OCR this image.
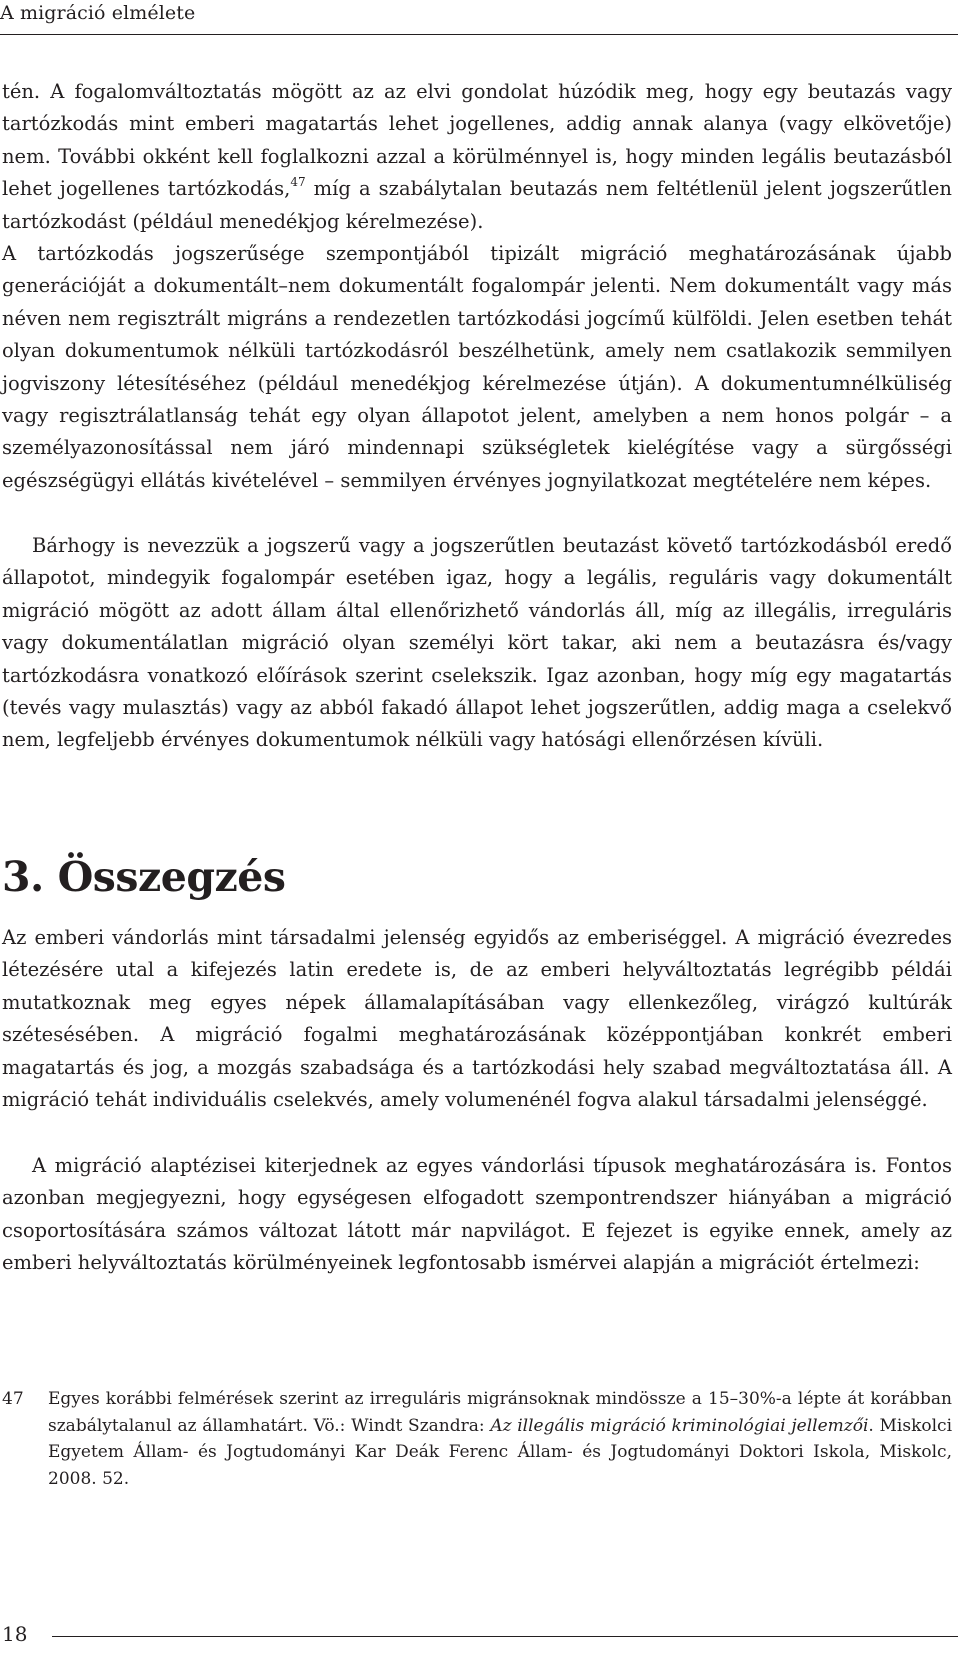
A migráció elmélete

tén. A fogalomváltoztatás mögött az az elvi gondolat húzódik meg, hogy egy beutazás vagy tartózkodás mint emberi magatartás lehet jogellenes, addig annak alanya (vagy elkövetője) nem. További okként kell foglalkozni azzal a körülménnyel is, hogy minden legális beutazásból lehet jogellenes tartózkodás,$^{47}$ míg a szabálytalan beutazás nem feltétlenül jelent jogszerűtlen tartózkodást (például menedékjog kérelmezése).

A tartózkodás jogszerűsége szempontjából tipizált migráció meghatározásának újabb generációját a dokumentált–nem dokumentált fogalompár jelenti. Nem dokumentált vagy más néven nem regisztrált migráns a rendezetlen tartózkodási jogcímű külföldi. Jelen esetben tehát olyan dokumentumok nélküli tartózkodásról beszélhetünk, amely nem csatlakozik semmilyen jogviszony létesítéséhez (például menedékjog kérelmezése útján). A dokumentumnélküliség vagy regisztrálatlanság tehát egy olyan állapotot jelent, amelyben a nem honos polgár – a személyazonosítással nem járó mindennapi szükségletek kielégítése vagy a sürgősségi egészségügyi ellátás kivételével – semmilyen érvényes jognyilatkozat megtételére nem képes.

Bárhogy is nevezzük a jogszerű vagy a jogszerűtlen beutazást követő tartózkodásból eredő állapotot, mindegyik fogalompár esetében igaz, hogy a legális, reguláris vagy dokumentált migráció mögött az adott állam által ellenőrizhető vándorlás áll, míg az illegális, irreguláris vagy dokumentálatlan migráció olyan személyi kört takar, aki nem a beutazásra és/vagy tartózkodásra vonatkozó előírások szerint cselekszik. Igaz azonban, hogy míg egy magatartás (tevés vagy mulasztás) vagy az abból fakadó állapot lehet jogszerűtlen, addig maga a cselekvő nem, legfeljebb érvényes dokumentumok nélküli vagy hatósági ellenőrzésen kívüli.

3. Összegzés

Az emberi vándorlás mint társadalmi jelenség egyidős az emberiséggel. A migráció évezredes létezésére utal a kifejezés latin eredete is, de az emberi helyváltoztatás legrégibb példái mutatkoznak meg egyes népek államalapításában vagy ellenkezőleg, virágzó kultúrák szétesésében. A migráció fogalmi meghatározásának középpontjában konkrét emberi magatartás és jog, a mozgás szabadsága és a tartózkodási hely szabad megváltoztatása áll. A migráció tehát individuális cselekvés, amely volumenénél fogva alakul társadalmi jelenséggé.

A migráció alaptézisei kiterjednek az egyes vándorlási típusok meghatározására is. Fontos azonban megjegyezni, hogy egységesen elfogadott szempontrendszer hiányában a migráció csoportosítására számos változat látott már napvilágot. E fejezet is egyike ennek, amely az emberi helyváltoztatás körülményeinek legfontosabb ismérvei alapján a migrációt értelmezi:

47 Egyes korábbi felmérések szerint az irreguláris migránsoknak mindössze a 15–30%-a lépte át korábban szabálytalanul az államhatárt. Vö.: Windt Szandra: Az illegális migráció kriminológiai jellemzői. Miskolci Egyetem Állam- és Jogtudományi Kar Deák Ferenc Állam- és Jogtudományi Doktori Iskola, Miskolc, 2008. 52.
18
